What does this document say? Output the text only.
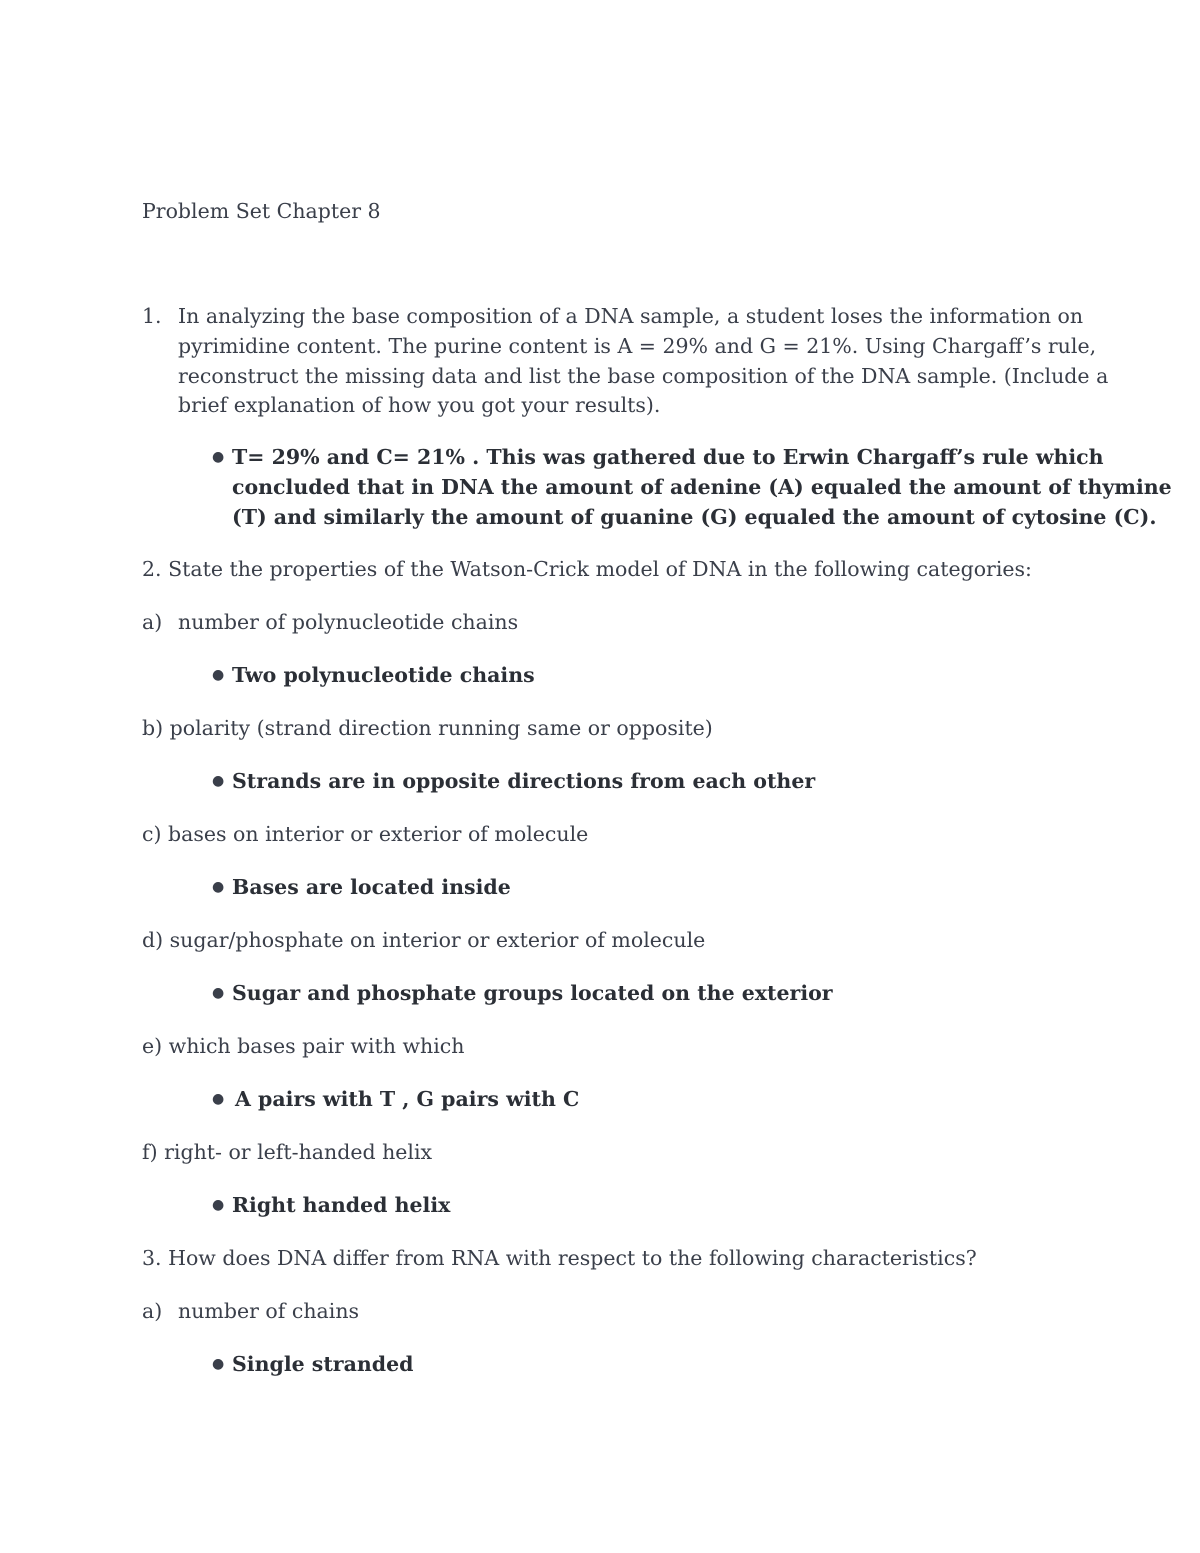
Problem Set Chapter 8
1. In analyzing the base composition of a DNA sample, a student loses the information on
pyrimidine content. The purine content is A = 29% and G = 21%. Using Chargaff’s rule,
reconstruct the missing data and list the base composition of the DNA sample. (Include a
brief explanation of how you got your results).
● T= 29% and C= 21% . This was gathered due to Erwin Chargaff’s rule which
concluded that in DNA the amount of adenine (A) equaled the amount of thymine
(T) and similarly the amount of guanine (G) equaled the amount of cytosine (C).
2. State the properties of the Watson-Crick model of DNA in the following categories:
a) number of polynucleotide chains
● Two polynucleotide chains
b) polarity (strand direction running same or opposite)
● Strands are in opposite directions from each other
c) bases on interior or exterior of molecule
● Bases are located inside
d) sugar/phosphate on interior or exterior of molecule
● Sugar and phosphate groups located on the exterior
e) which bases pair with which
● A pairs with T , G pairs with C
f) right- or left-handed helix
● Right handed helix
3. How does DNA differ from RNA with respect to the following characteristics?
a) number of chains
● Single stranded
